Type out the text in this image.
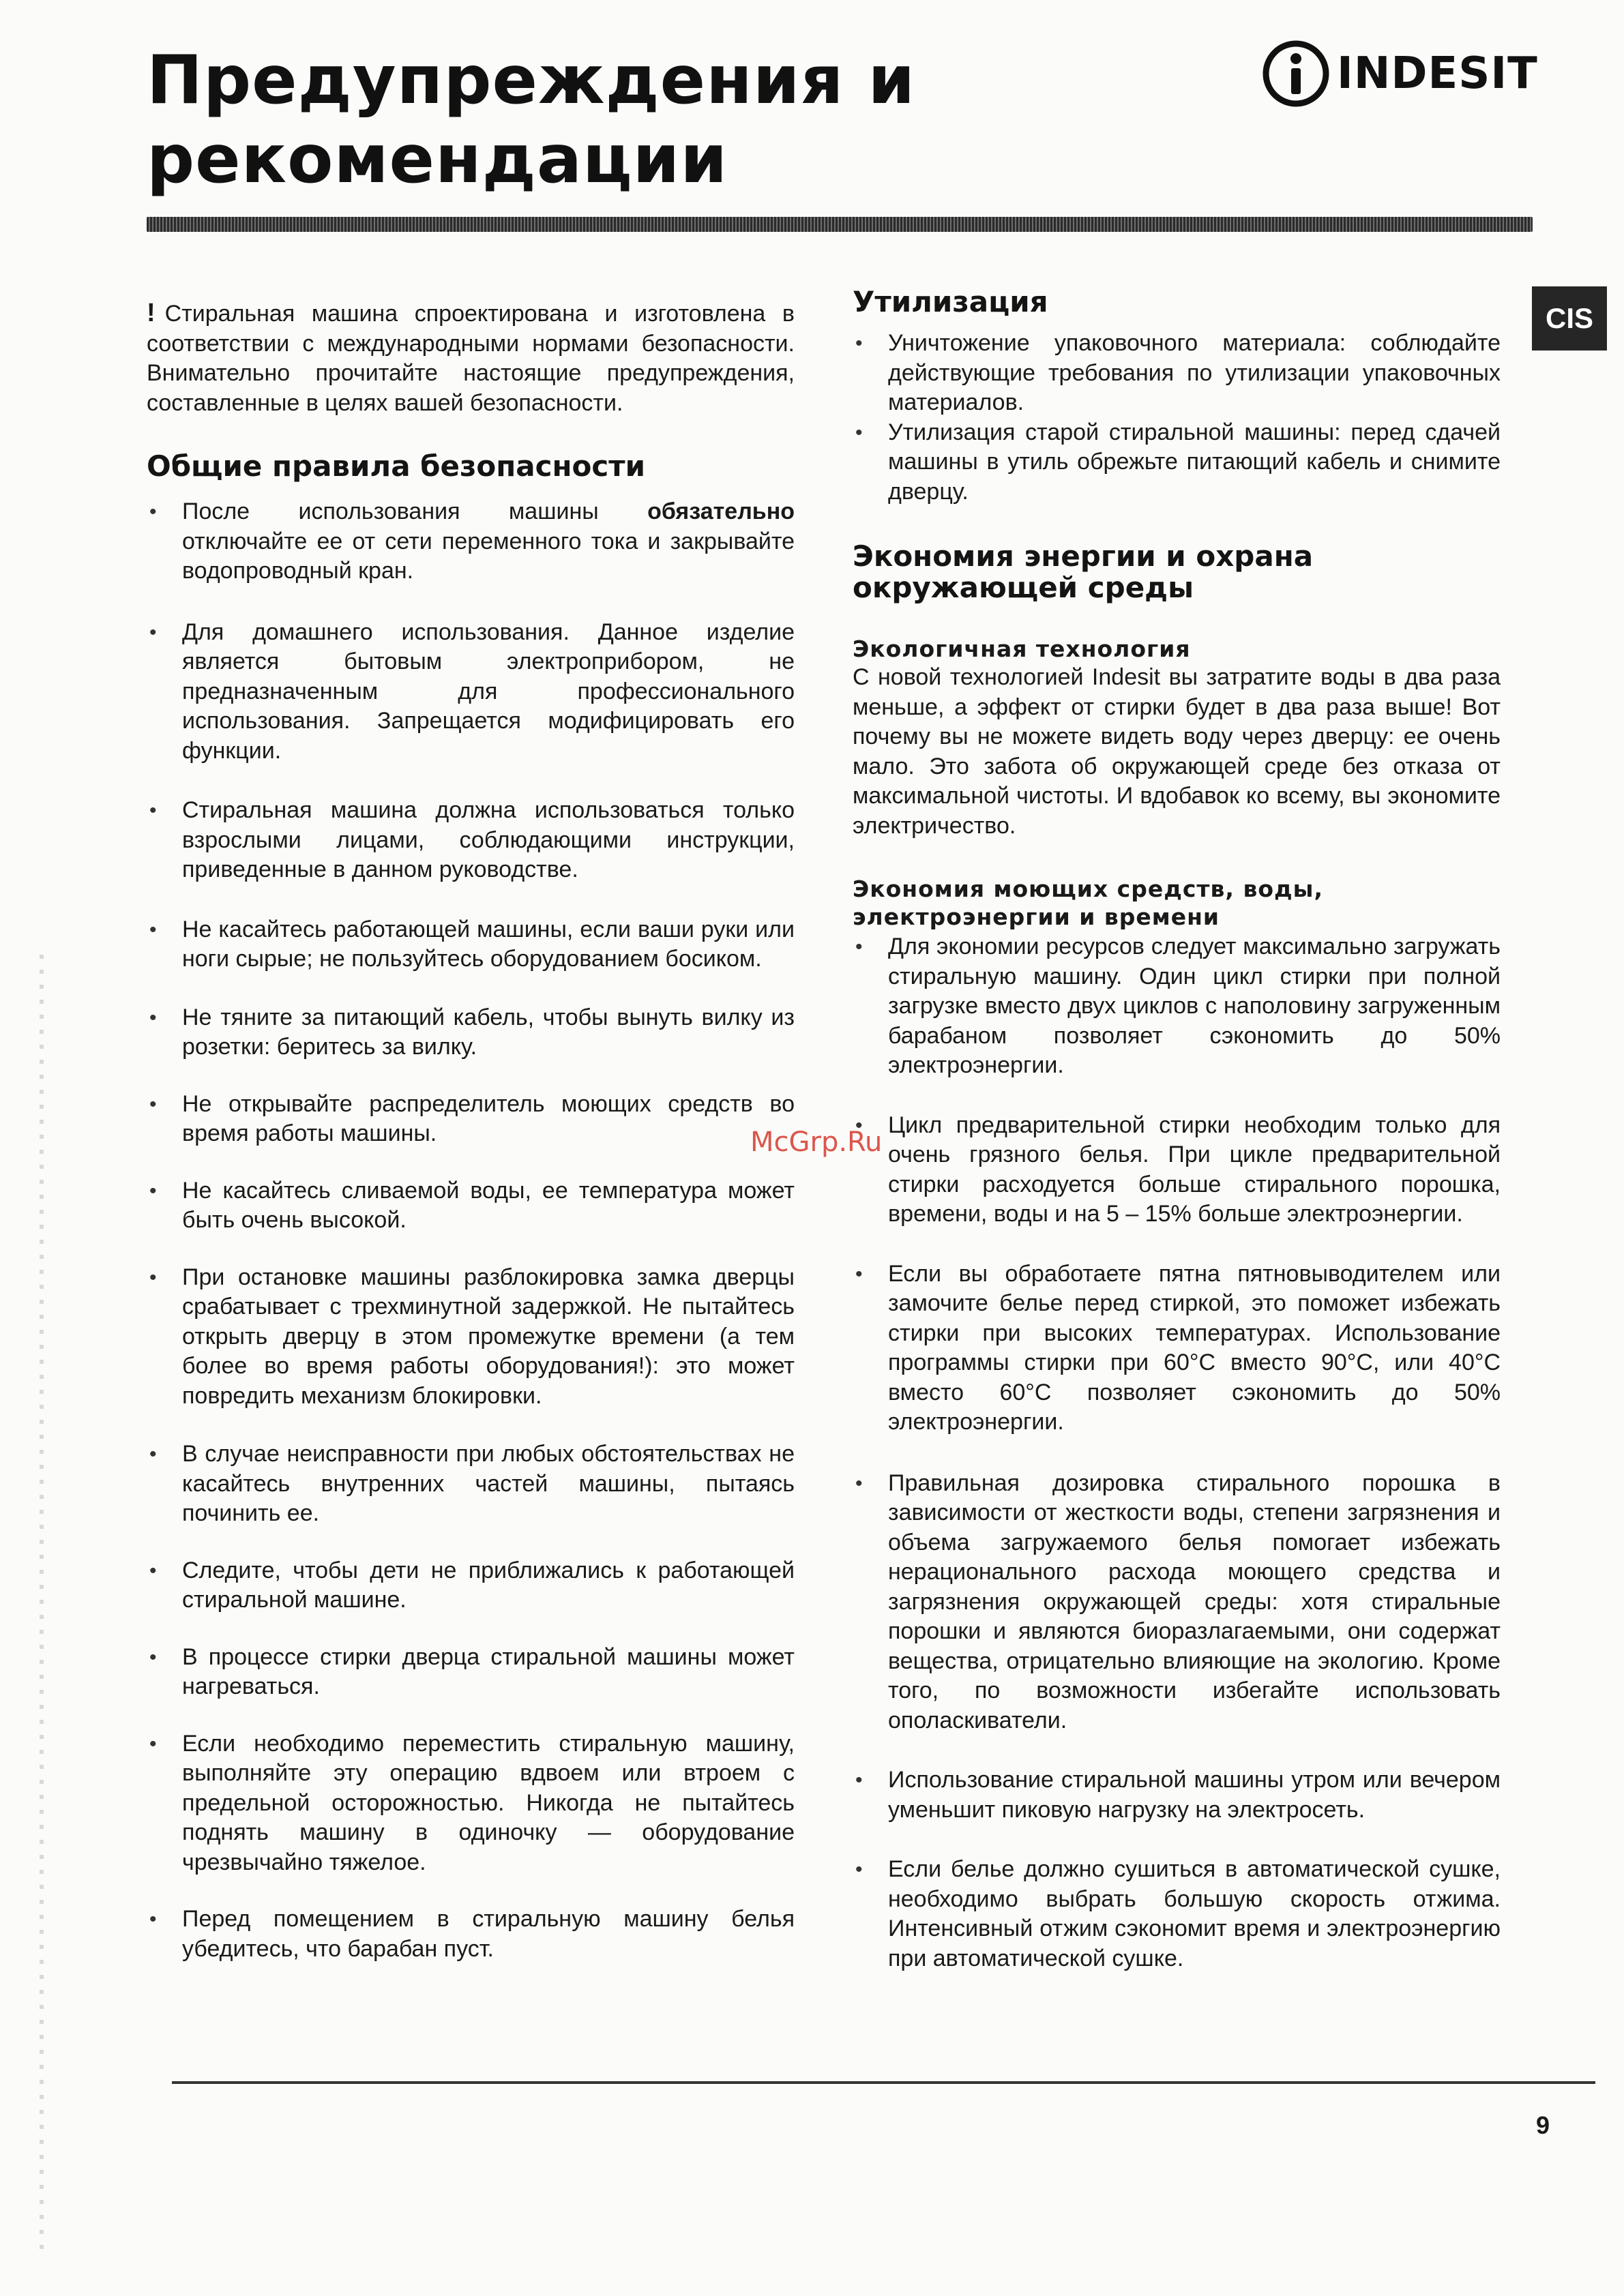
Предупреждения и
рекомендации
INDESIT
CIS

! Стиральная машина спроектирована и изготовлена в соответствии с международными нормами безопасности. Внимательно прочитайте настоящие предупреждения, составленные в целях вашей безопасности.

Общие правила безопасности
• После использования машины обязательно отключайте ее от сети переменного тока и закрывайте водопроводный кран.
• Для домашнего использования. Данное изделие является бытовым электроприбором, не предназначенным для профессионального использования. Запрещается модифицировать его функции.
• Стиральная машина должна использоваться только взрослыми лицами, соблюдающими инструкции, приведенные в данном руководстве.
• Не касайтесь работающей машины, если ваши руки или ноги сырые; не пользуйтесь оборудованием босиком.
• Не тяните за питающий кабель, чтобы вынуть вилку из розетки: беритесь за вилку.
• Не открывайте распределитель моющих средств во время работы машины.
• Не касайтесь сливаемой воды, ее температура может быть очень высокой.
• При остановке машины разблокировка замка дверцы срабатывает с трехминутной задержкой. Не пытайтесь открыть дверцу в этом промежутке времени (а тем более во время работы оборудования!): это может повредить механизм блокировки.
• В случае неисправности при любых обстоятельствах не касайтесь внутренних частей машины, пытаясь починить ее.
• Следите, чтобы дети не приближались к работающей стиральной машине.
• В процессе стирки дверца стиральной машины может нагреваться.
• Если необходимо переместить стиральную машину, выполняйте эту операцию вдвоем или втроем с предельной осторожностью. Никогда не пытайтесь поднять машину в одиночку — оборудование чрезвычайно тяжелое.
• Перед помещением в стиральную машину белья убедитесь, что барабан пуст.
Утилизация
• Уничтожение упаковочного материала: соблюдайте действующие требования по утилизации упаковочных материалов.
• Утилизация старой стиральной машины: перед сдачей машины в утиль обрежьте питающий кабель и снимите дверцу.
Экономия энергии и охрана
окружающей среды
Экологичная технология

С новой технологией Indesit вы затратите воды в два раза меньше, а эффект от стирки будет в два раза выше! Вот почему вы не можете видеть воду через дверцу: ее очень мало. Это забота об окружающей среде без отказа от максимальной чистоты. И вдобавок ко всему, вы экономите электричество.

Экономия моющих средств, воды, электроэнергии и времени
• Для экономии ресурсов следует максимально загружать стиральную машину. Один цикл стирки при полной загрузке вместо двух циклов с наполовину загруженным барабаном позволяет сэкономить до 50% электроэнергии.
• Цикл предварительной стирки необходим только для очень грязного белья. При цикле предварительной стирки расходуется больше стирального порошка, времени, воды и на 5 – 15% больше электроэнергии.
• Если вы обработаете пятна пятновыводителем или замочите белье перед стиркой, это поможет избежать стирки при высоких температурах. Использование программы стирки при 60°C вместо 90°C, или 40°C вместо 60°C позволяет сэкономить до 50% электроэнергии.
• Правильная дозировка стирального порошка в зависимости от жесткости воды, степени загрязнения и объема загружаемого белья помогает избежать нерационального расхода моющего средства и загрязнения окружающей среды: хотя стиральные порошки и являются биоразлагаемыми, они содержат вещества, отрицательно влияющие на экологию. Кроме того, по возможности избегайте использовать ополаскиватели.
• Использование стиральной машины утром или вечером уменьшит пиковую нагрузку на электросеть.
• Если белье должно сушиться в автоматической сушке, необходимо выбрать большую скорость отжима. Интенсивный отжим сэкономит время и электроэнергию при автоматической сушке.
McGrp.Ru
9
